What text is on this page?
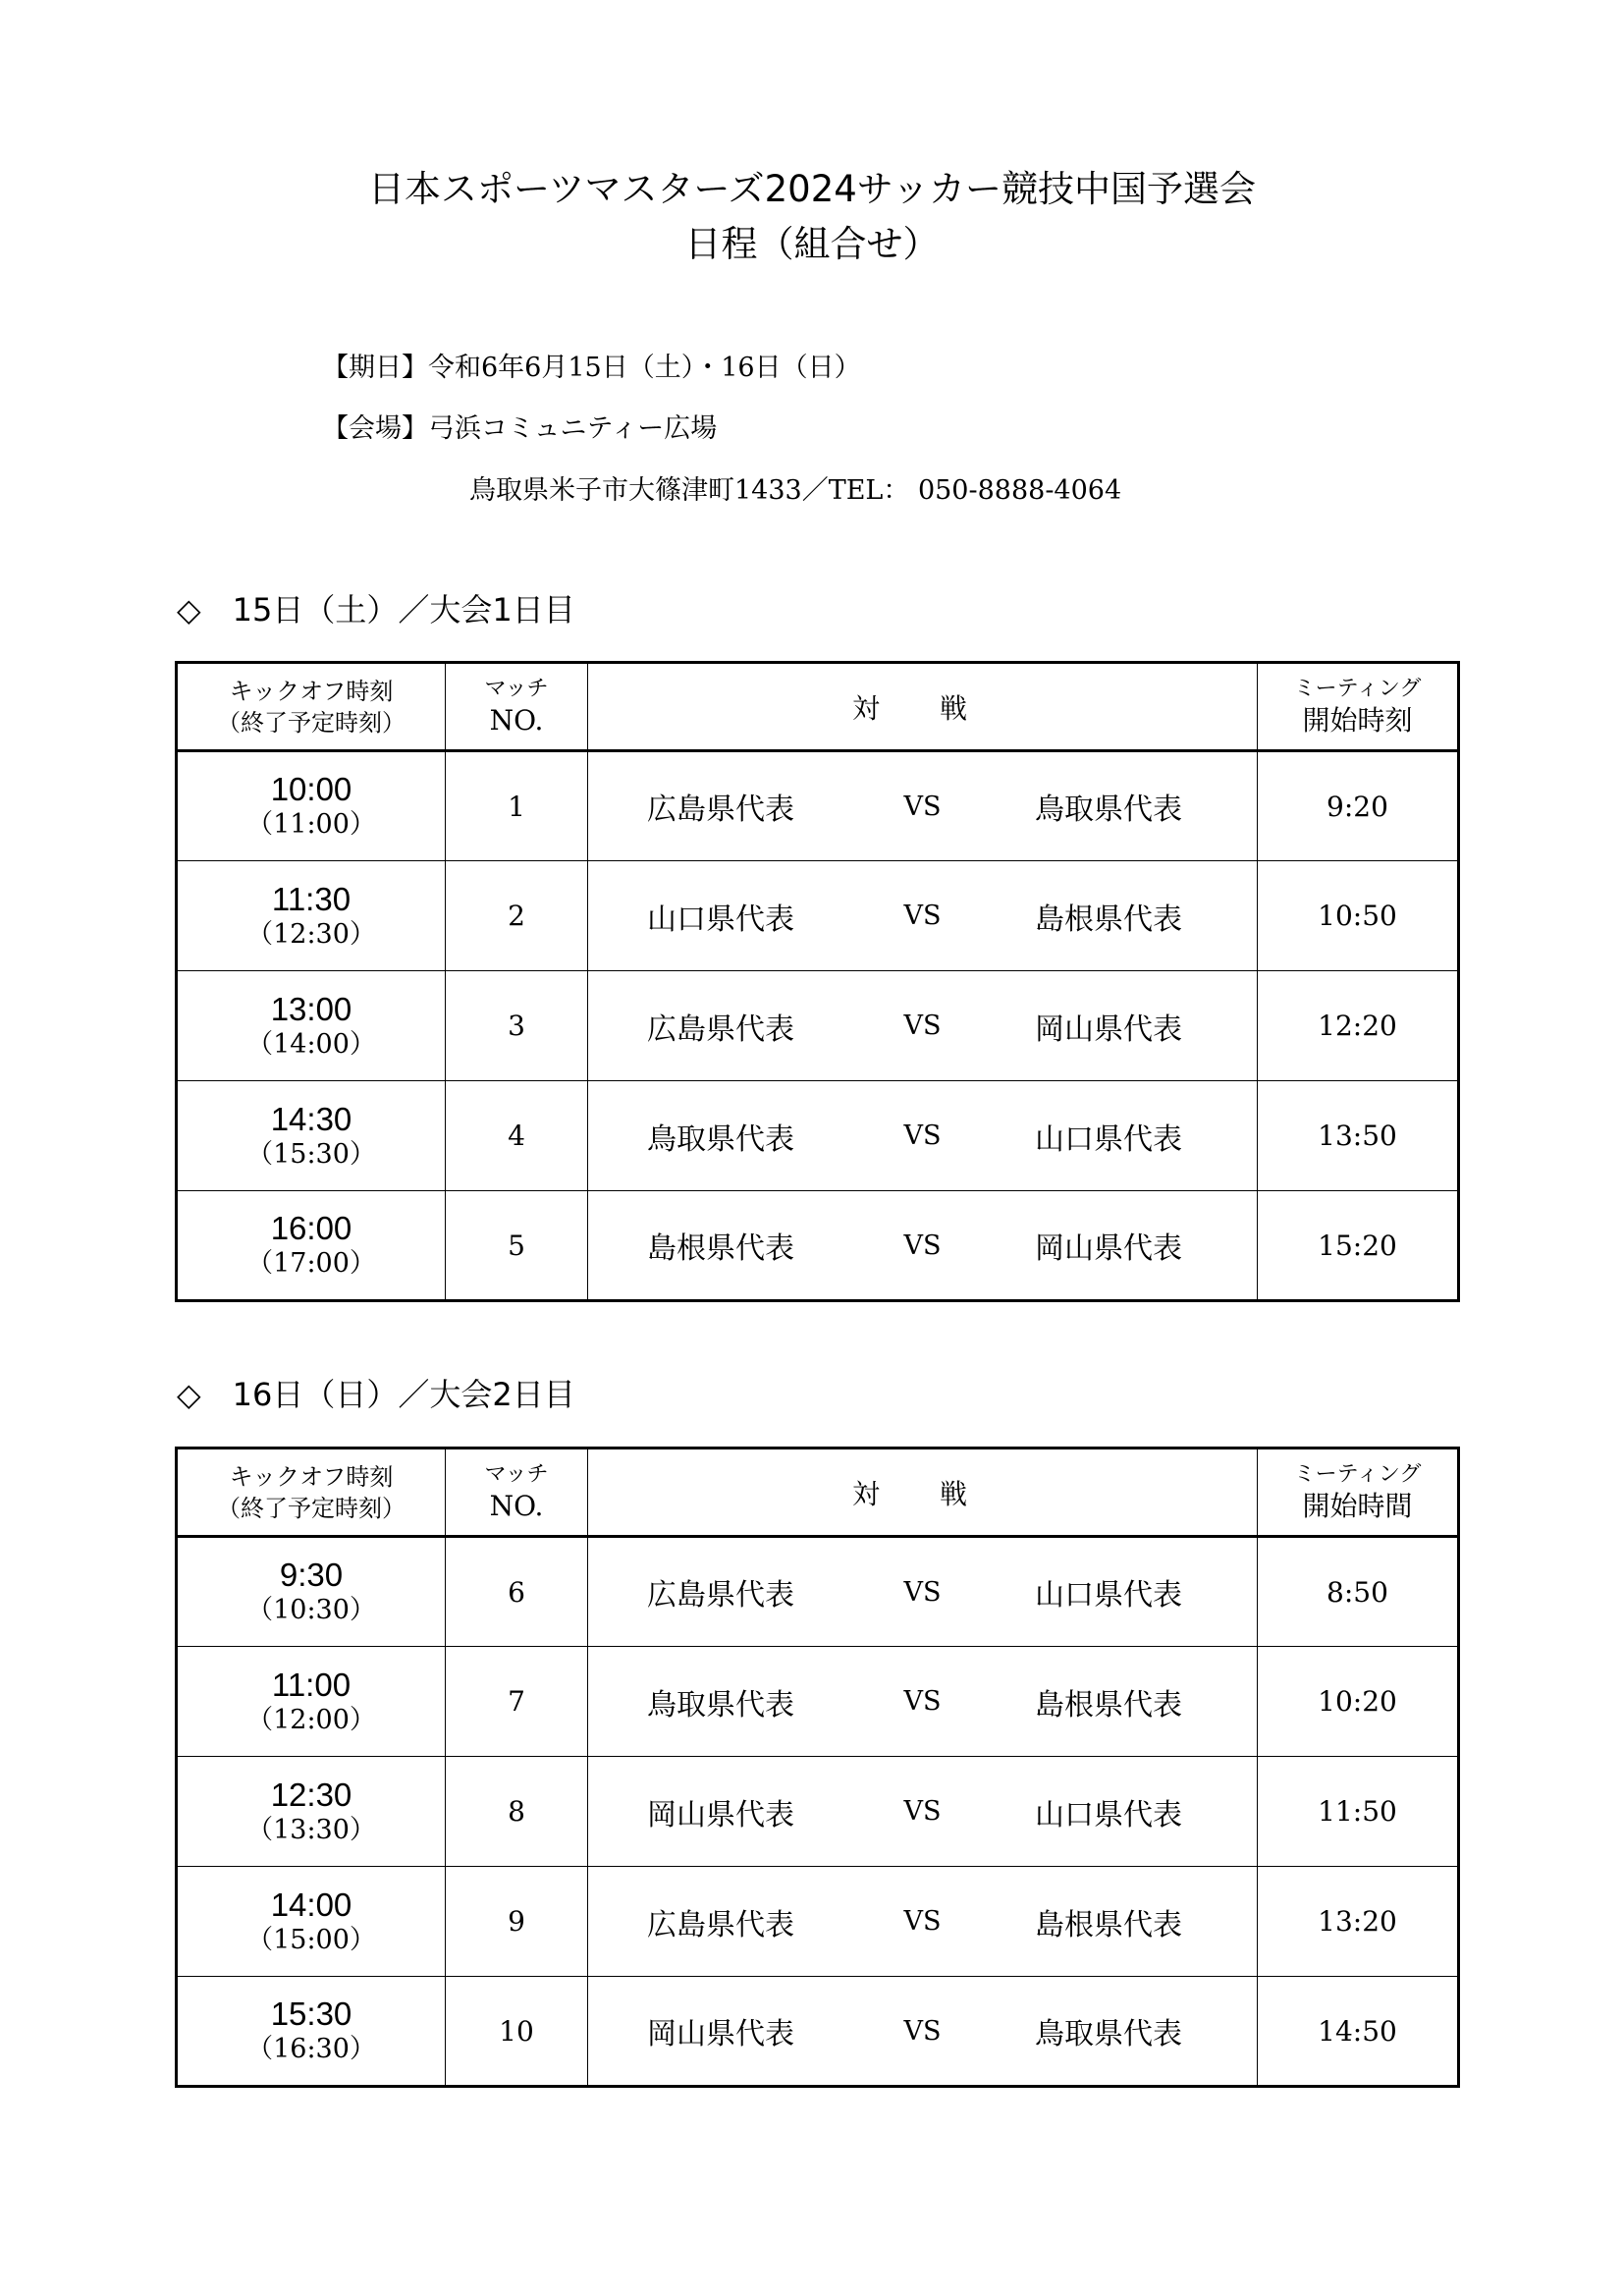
日本スポーツマスターズ2024サッカー競技中国予選会
日程（組合せ）
【期日】令和6年6月15日（土）・16日（日）
【会場】弓浜コミュニティー広場
鳥取県米子市大篠津町1433／TEL： 050-8888-4064
◇　15日（土）／大会1日目
キックオフ時刻
（終了予定時刻）	マッチ
NO.	対 戦	ミーティング
開始時刻

10:00
（11:00）	1	広島県代表 VS 鳥取県代表	9:20

11:30
（12:30）	2	山口県代表 VS 島根県代表	10:50

13:00
（14:00）	3	広島県代表 VS 岡山県代表	12:20

14:30
（15:30）	4	鳥取県代表 VS 山口県代表	13:50

16:00
（17:00）	5	島根県代表 VS 岡山県代表	15:20
◇　16日（日）／大会2日目
キックオフ時刻
（終了予定時刻）	マッチ
NO.	対 戦	ミーティング
開始時間

9:30
（10:30）	6	広島県代表 VS 山口県代表	8:50

11:00
（12:00）	7	鳥取県代表 VS 島根県代表	10:20

12:30
（13:30）	8	岡山県代表 VS 山口県代表	11:50

14:00
（15:00）	9	広島県代表 VS 島根県代表	13:20

15:30
（16:30）	10	岡山県代表 VS 鳥取県代表	14:50
